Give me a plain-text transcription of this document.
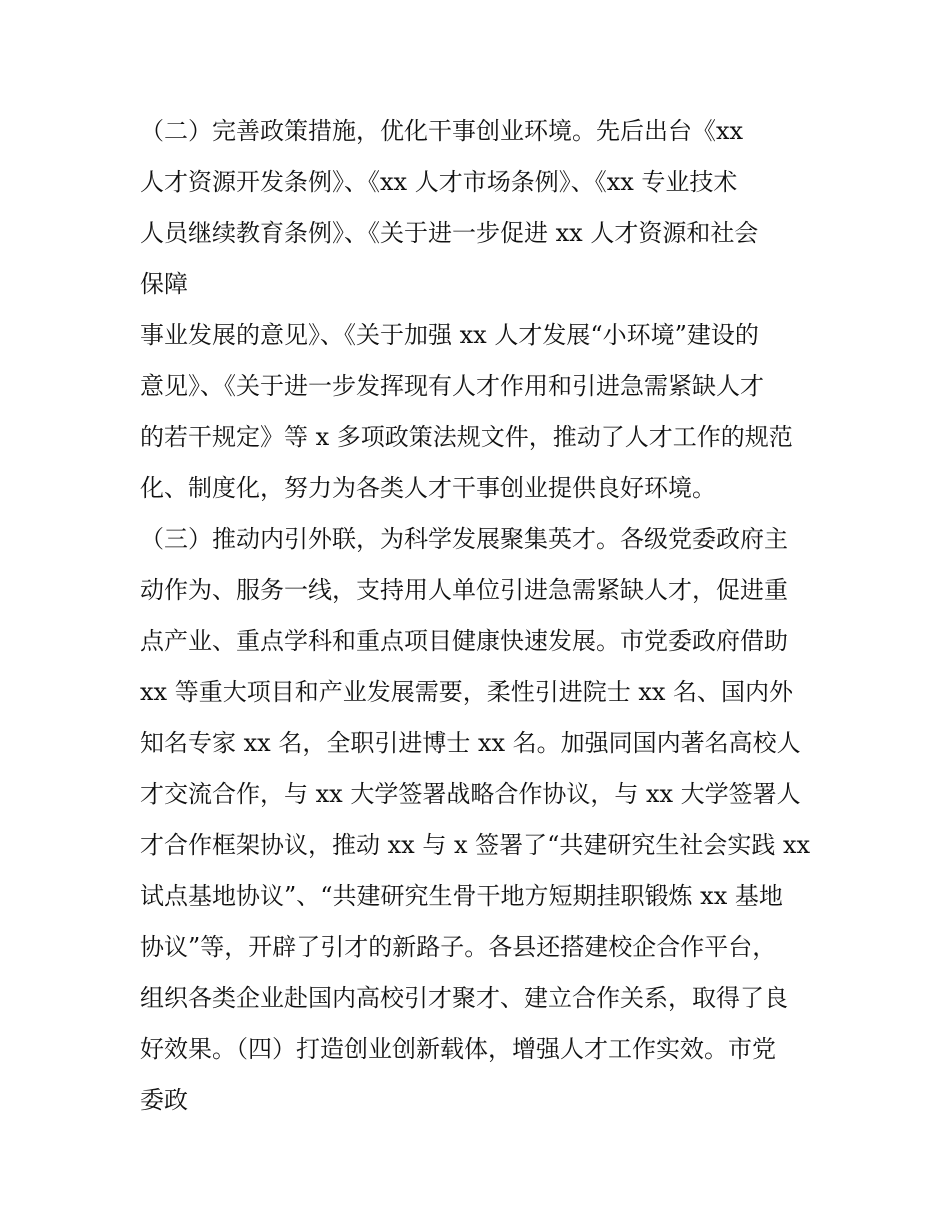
（二）完善政策措施，优化干事创业环境。先后出台《xx
人才资源开发条例》、《xx 人才市场条例》、《xx 专业技术
人员继续教育条例》、《关于进一步促进 xx 人才资源和社会
保障
事业发展的意见》、《关于加强 xx 人才发展“小环境”建设的
意见》、《关于进一步发挥现有人才作用和引进急需紧缺人才
的若干规定》等 x 多项政策法规文件，推动了人才工作的规范
化、制度化，努力为各类人才干事创业提供良好环境。
（三）推动内引外联，为科学发展聚集英才。各级党委政府主
动作为、服务一线，支持用人单位引进急需紧缺人才，促进重
点产业、重点学科和重点项目健康快速发展。市党委政府借助
xx 等重大项目和产业发展需要，柔性引进院士 xx 名、国内外
知名专家 xx 名，全职引进博士 xx 名。加强同国内著名高校人
才交流合作，与 xx 大学签署战略合作协议，与 xx 大学签署人
才合作框架协议，推动 xx 与 x 签署了“共建研究生社会实践 xx
试点基地协议”、“共建研究生骨干地方短期挂职锻炼 xx 基地
协议”等，开辟了引才的新路子。各县还搭建校企合作平台，
组织各类企业赴国内高校引才聚才、建立合作关系，取得了良
好效果。（四）打造创业创新载体，增强人才工作实效。市党
委政
